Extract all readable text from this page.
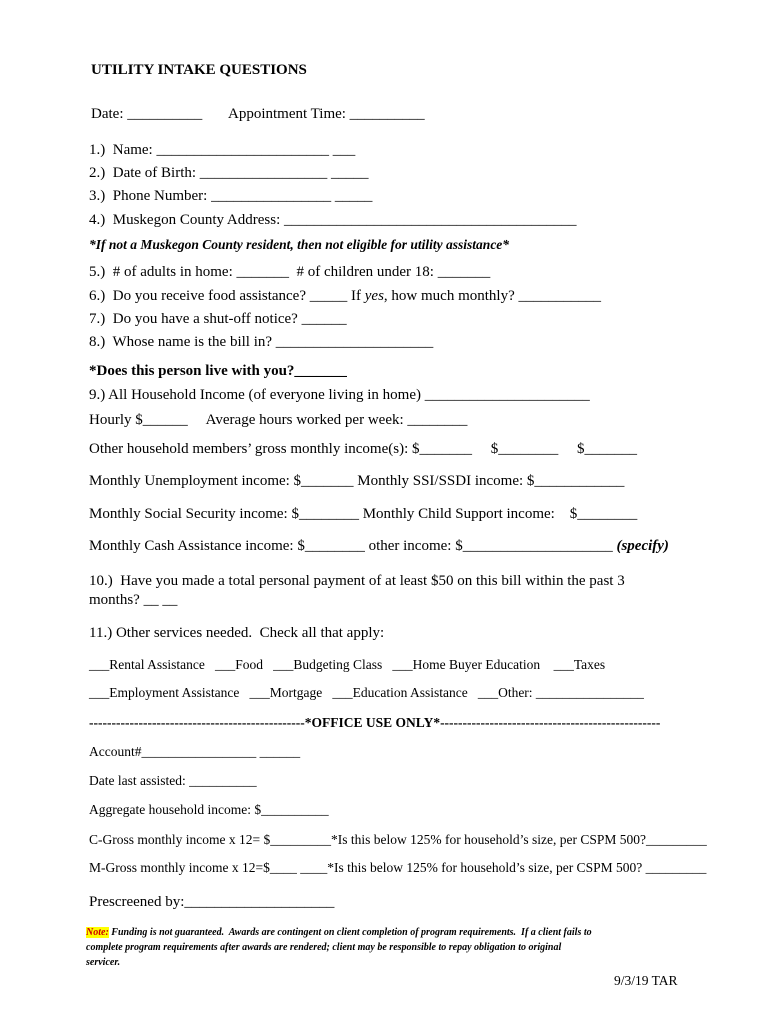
UTILITY INTAKE QUESTIONS
Date: __________ Appointment Time: __________
1.)  Name: _______________________ ___
2.)  Date of Birth: _________________ _____
3.)  Phone Number: ________________ _____
4.)  Muskegon County Address: _______________________________________
*If not a Muskegon County resident, then not eligible for utility assistance*
5.)  # of adults in home: _______  # of children under 18: _______
6.)  Do you receive food assistance? _____ If yes, how much monthly? ___________
7.)  Do you have a shut-off notice? ______
8.)  Whose name is the bill in? _____________________
*Does this person live with you?_______
9.) All Household Income (of everyone living in home) ______________________
Hourly $______     Average hours worked per week: ________
Other household members’ gross monthly income(s): $_______     $________     $_______
Monthly Unemployment income: $_______ Monthly SSI/SSDI income: $____________
Monthly Social Security income: $________ Monthly Child Support income:    $________
Monthly Cash Assistance income: $________ other income: $____________________ (specify)
10.)  Have you made a total personal payment of at least $50 on this bill within the past 3
months? __ __
11.) Other services needed.  Check all that apply:
___Rental Assistance   ___Food   ___Budgeting Class   ___Home Buyer Education    ___Taxes
___Employment Assistance   ___Mortgage   ___Education Assistance   ___Other: ________________
------------------------------------------------*OFFICE USE ONLY*-------------------------------------------------
Account#_________________ ______
Date last assisted: __________
Aggregate household income: $__________
C-Gross monthly income x 12= $_________*Is this below 125% for household’s size, per CSPM 500?_________
M-Gross monthly income x 12=$____ ____*Is this below 125% for household’s size, per CSPM 500? _________
Prescreened by:____________________
Note: Funding is not guaranteed.  Awards are contingent on client completion of program requirements.  If a client fails to
complete program requirements after awards are rendered; client may be responsible to repay obligation to original
servicer.
9/3/19 TAR
